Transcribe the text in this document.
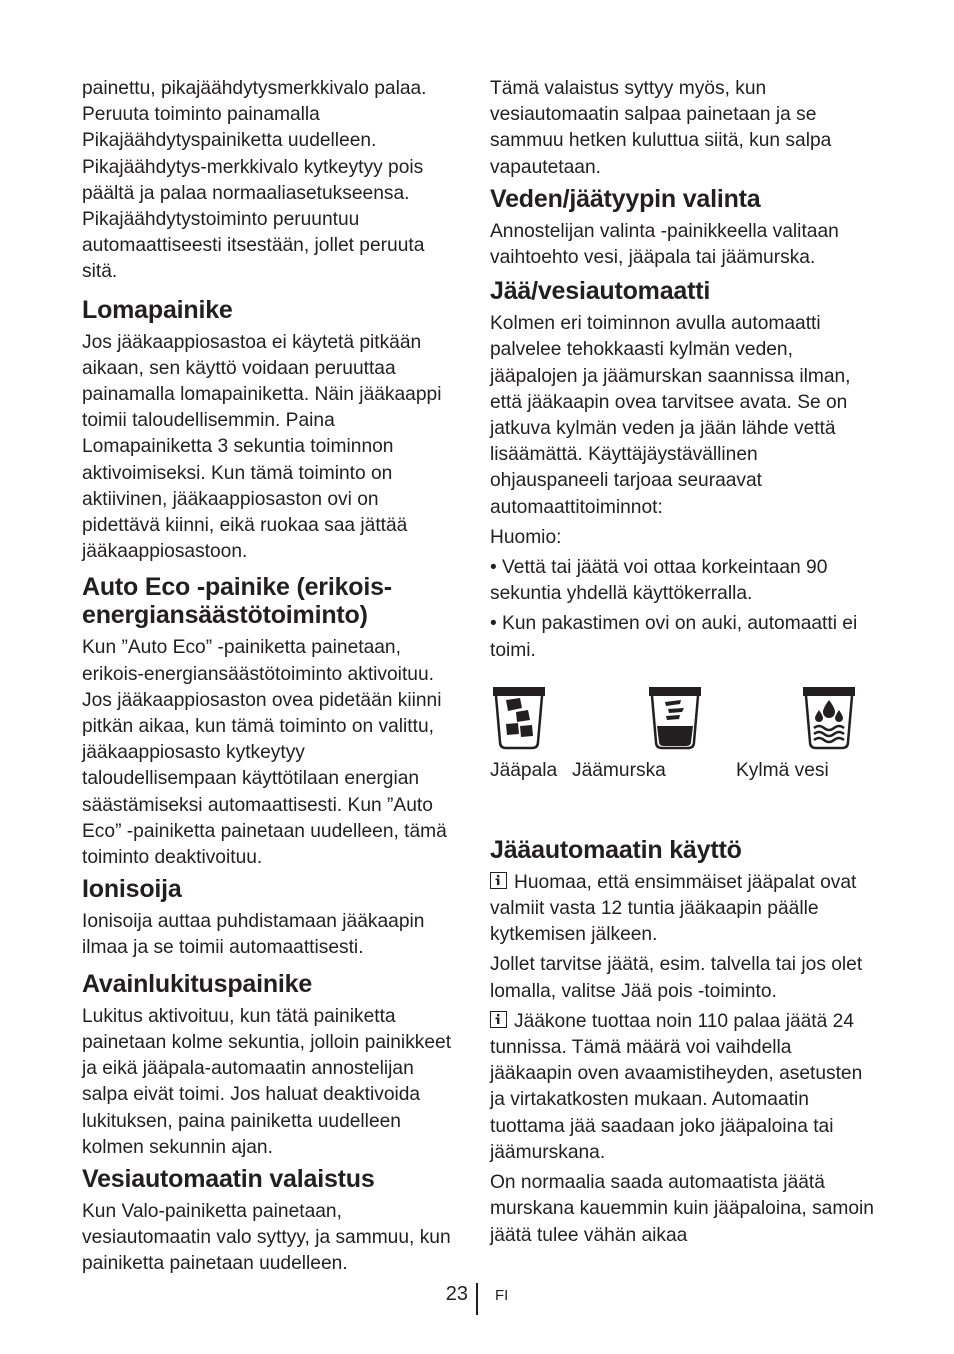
painettu, pikajäähdytysmerkkivalo palaa. Peruuta toiminto painamalla Pikajäähdytyspainiketta uudelleen. Pikajäähdytys-merkkivalo kytkeytyy pois päältä ja palaa normaaliasetukseensa. Pikajäähdytystoiminto peruuntuu automaattiseesti itsestään, jollet peruuta sitä.

Lomapainike

Jos jääkaappiosastoa ei käytetä pitkään aikaan, sen käyttö voidaan peruuttaa painamalla lomapainiketta. Näin jääkaappi toimii taloudellisemmin. Paina Lomapainiketta 3 sekuntia toiminnon aktivoimiseksi. Kun tämä toiminto on aktiivinen, jääkaappiosaston ovi on pidettävä kiinni, eikä ruokaa saa jättää jääkaappiosastoon.

Auto Eco -painike (erikois-energiansäästötoiminto)

Kun ”Auto Eco” -painiketta painetaan, erikois-energiansäästötoiminto aktivoituu. Jos jääkaappiosaston ovea pidetään kiinni pitkän aikaa, kun tämä toiminto on valittu, jääkaappiosasto kytkeytyy taloudellisempaan käyttötilaan energian säästämiseksi automaattisesti. Kun ”Auto Eco” -painiketta painetaan uudelleen, tämä toiminto deaktivoituu.

Ionisoija

Ionisoija auttaa puhdistamaan jääkaapin ilmaa ja se toimii automaattisesti.

Avainlukituspainike

Lukitus aktivoituu, kun tätä painiketta painetaan kolme sekuntia, jolloin painikkeet ja eikä jääpala-automaatin annostelijan salpa eivät toimi. Jos haluat deaktivoida lukituksen, paina painiketta uudelleen kolmen sekunnin ajan.

Vesiautomaatin valaistus

Kun Valo-painiketta painetaan, vesiautomaatin valo syttyy, ja sammuu, kun painiketta painetaan uudelleen.

Tämä valaistus syttyy myös, kun vesiautomaatin salpaa painetaan ja se sammuu hetken kuluttua siitä, kun salpa vapautetaan.

Veden/jäätyypin valinta

Annostelijan valinta -painikkeella valitaan vaihtoehto vesi, jääpala tai jäämurska.

Jää/vesiautomaatti

Kolmen eri toiminnon avulla automaatti palvelee tehokkaasti kylmän veden, jääpalojen ja jäämurskan saannissa ilman, että jääkaapin ovea tarvitsee avata. Se on jatkuva kylmän veden ja jään lähde vettä lisäämättä. Käyttäjäystävällinen ohjauspaneeli tarjoaa seuraavat automaattitoiminnot:

Huomio:

• Vettä tai jäätä voi ottaa korkeintaan 90 sekuntia yhdellä käyttökerralla.

• Kun pakastimen ovi on auki, automaatti ei toimi.

Jääpala Jäämurska	Kylmä vesi
Jääautomaatin käyttö

Huomaa, että ensimmäiset jääpalat ovat valmiit vasta 12 tuntia jääkaapin päälle kytkemisen jälkeen.

Jollet tarvitse jäätä, esim. talvella tai jos olet lomalla, valitse Jää pois -toiminto.

Jääkone tuottaa noin 110 palaa jäätä 24 tunnissa. Tämä määrä voi vaihdella jääkaapin oven avaamistiheyden, asetusten ja virtakatkosten mukaan. Automaatin tuottama jää saadaan joko jääpaloina tai jäämurskana.

On normaalia saada automaatista jäätä murskana kauemmin kuin jääpaloina, samoin jäätä tulee vähän aikaa

23 FI
